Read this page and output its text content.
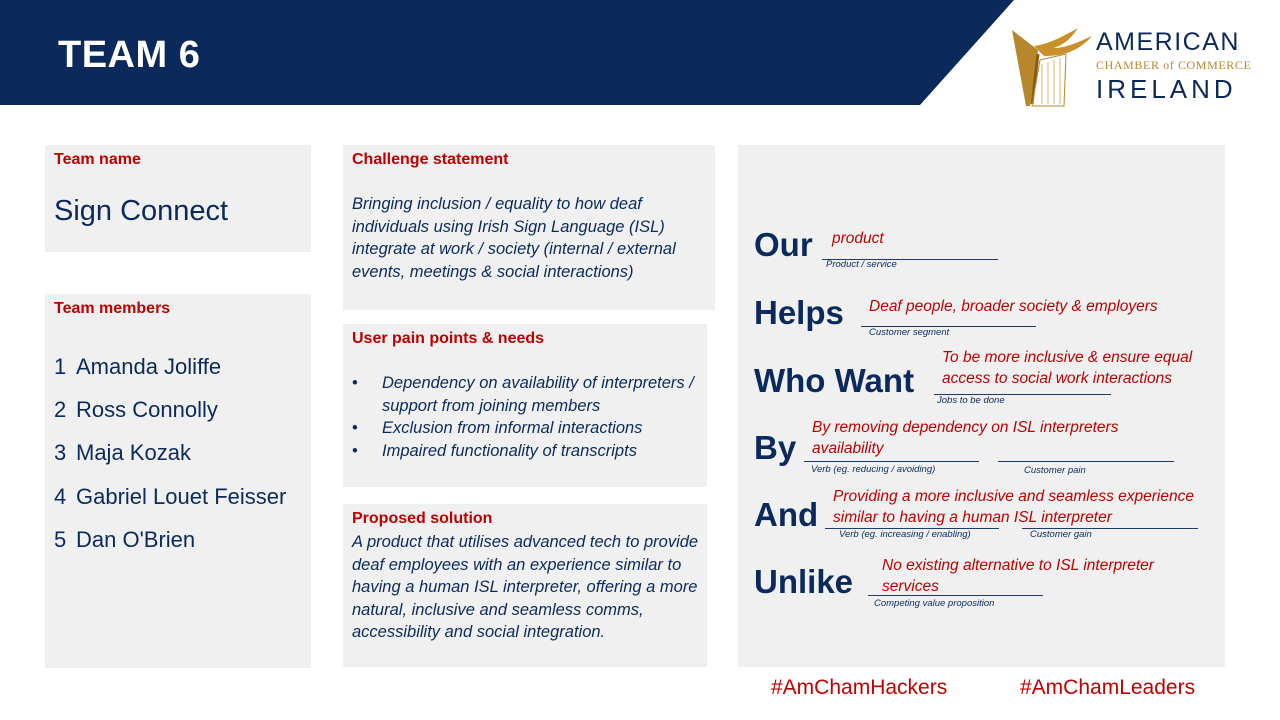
TEAM 6	AMERICAN
CHAMBER of COMMERCE
IRELAND
Team name
Sign Connect
Team members
1 Amanda Joliffe
2 Ross Connolly
3 Maja Kozak
4 Gabriel Louet Feisser
5 Dan O'Brien
Challenge statement
Bringing inclusion / equality to how deaf individuals using Irish Sign Language (ISL) integrate at work / society (internal / external events, meetings & social interactions)
User pain points & needs
• Dependency on availability of interpreters / support from joining members
• Exclusion from informal interactions
• Impaired functionality of transcripts
Proposed solution
A product that utilises advanced tech to provide deaf employees with an experience similar to having a human ISL interpreter, offering a more natural, inclusive and seamless comms, accessibility and social integration.
Our product
Product / service
Helps Deaf people, broader society & employers
Customer segment
Who Want
To be more inclusive & ensure equal
access to social work interactions
Jobs to be done
By
By removing dependency on ISL interpreters
availability
Verb (eg. reducing / avoiding)	Customer pain
And Providing a more inclusive and seamless experience
similar to having a human ISL interpreter
Verb (eg. increasing / enabling)	Customer gain
Unlike No existing alternative to ISL interpreter
services
Competing value proposition
#AmChamHackers	#AmChamLeaders
